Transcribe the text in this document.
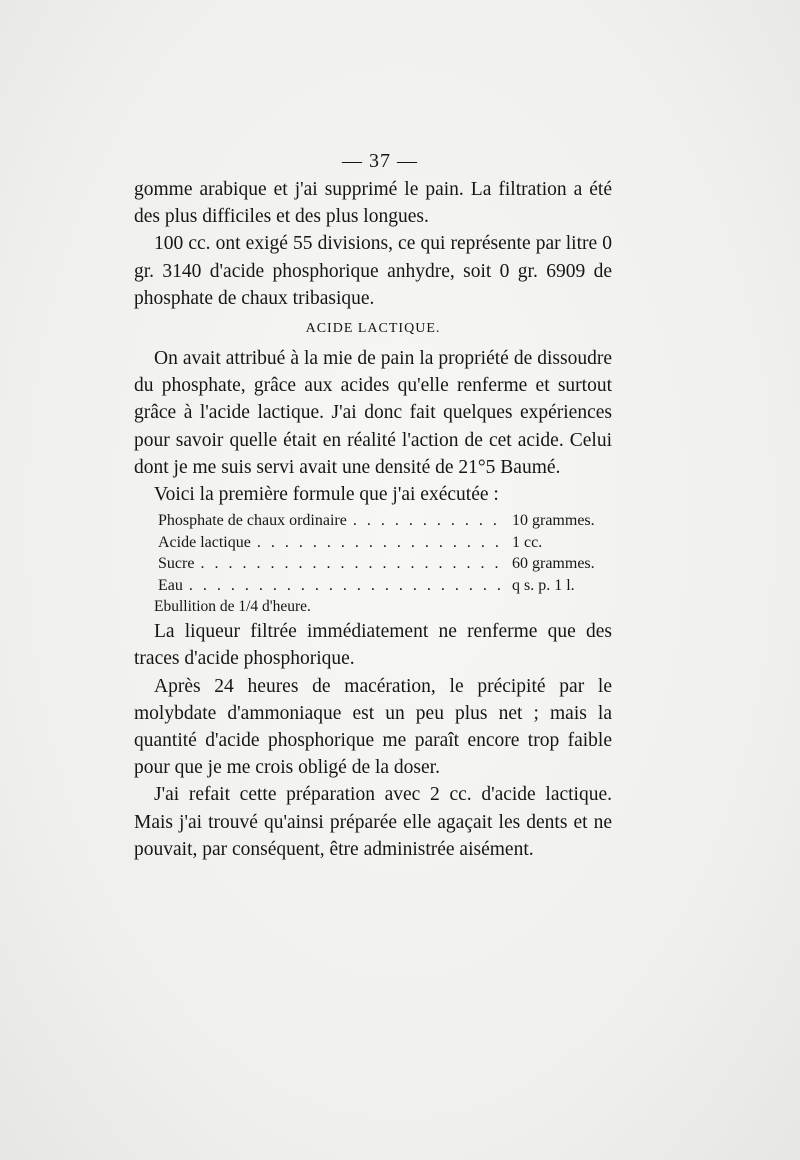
— 37 —

gomme arabique et j'ai supprimé le pain. La filtration a été des plus difficiles et des plus longues.

100 cc. ont exigé 55 divisions, ce qui représente par litre 0 gr. 3140 d'acide phosphorique anhydre, soit 0 gr. 6909 de phosphate de chaux tribasique.

ACIDE LACTIQUE.

On avait attribué à la mie de pain la propriété de dissoudre du phosphate, grâce aux acides qu'elle renferme et surtout grâce à l'acide lactique. J'ai donc fait quelques expériences pour savoir quelle était en réalité l'action de cet acide. Celui dont je me suis servi avait une densité de 21°5 Baumé.

Voici la première formule que j'ai exécutée :

Phosphate de chaux ordinaire . . .	10 grammes.
Acide lactique . . .	1 cc.
Sucre . . .	60 grammes.
Eau . . .	q s. p. 1 l.

Ebullition de 1/4 d'heure.

La liqueur filtrée immédiatement ne renferme que des traces d'acide phosphorique.

Après 24 heures de macération, le précipité par le molybdate d'ammoniaque est un peu plus net ; mais la quantité d'acide phosphorique me paraît encore trop faible pour que je me crois obligé de la doser.

J'ai refait cette préparation avec 2 cc. d'acide lactique. Mais j'ai trouvé qu'ainsi préparée elle agaçait les dents et ne pouvait, par conséquent, être administrée aisément.
